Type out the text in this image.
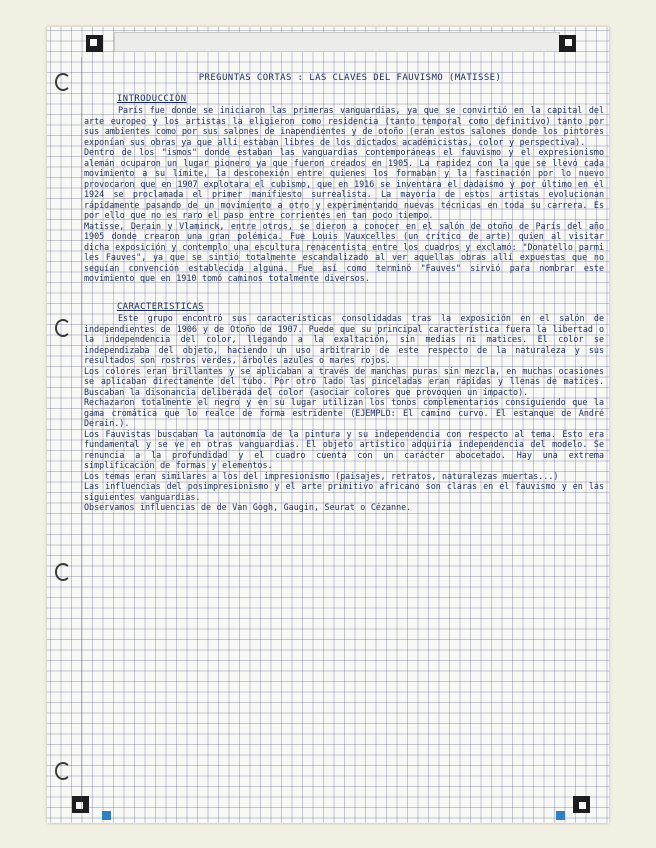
PREGUNTAS CORTAS : LAS CLAVES DEL FAUVISMO (MATISSE)
INTRODUCCIÓN

París fue donde se iniciaron las primeras vanguardias, ya que se convirtió en la capital del arte europeo y los artistas la eligieron como residencia (tanto temporal como definitivo) tanto por sus ambientes como por sus salones de inapendientes y de otoño (eran estos salones donde los pintores exponían sus obras ya que allí estaban libres de los dictados académicistas, color y perspectiva).

Dentro de los "ismos" donde estaban las vanguardias contemporáneas el fauvismo y el expresionismo alemán ocuparon un lugar pionero ya que fueron creados en 1905. La rapidez con la que se llevó cada movimiento a su límite, la desconexión entre quienes los formaban y la fascinación por lo nuevo provocaron que en 1907 explotara el cubismo, que en 1916 se inventara el dadaísmo y por último en el 1924 se proclamada el primer manifiesto surrealista. La mayoría de estos artistas evolucionan rápidamente pasando de un movimiento a otro y experimentando nuevas técnicas en toda su carrera. Es por ello que no es raro el paso entre corrientes en tan poco tiempo.

Matisse, Derain y Vlaminck, entre otros, se dieron a conocer en el salón de otoño de París del año 1905 donde crearon una gran polémica. Fue Louis Vauxcelles (un crítico de arte) quien al visitar dicha exposición y contemplo una escultura renacentista entre los cuadros y exclamó: "Donatello parmi les Fauves", ya que se sintió totalmente escandalizado al ver aquellas obras allí expuestas que no seguían convención establecida alguna. Fue así como terminó "Fauves" sirvió para nombrar este movimiento que en 1910 tomó caminos totalmente diversos.

CARACTERISTICAS

Este grupo encontró sus características consolidadas tras la exposición en el salón de independientes de 1906 y de Otoño de 1907. Puede que su principal característica fuera la libertad o la independencia del color, llegando a la exaltación, sin medias ni matices. El color se independizaba del objeto, haciendo un uso arbitrario de este respecto de la naturaleza y sus resultados son rostros verdes, árboles azules o mares rojos.

Los colores eran brillantes y se aplicaban a través de manchas puras sin mezcla, en muchas ocasiones se aplicaban directamente del tubo. Por otro lado las pinceladas eran rápidas y llenas de matices. Buscaban la disonancia deliberada del color (asociar colores que provoquen un impacto).

Rechazaron totalmente el negro y en su lugar utilizan los tonos complementarios consiguiendo que la gama cromática que lo realce de forma estridente (EJEMPLO: El camino curvo. El estanque de André Derain.).

Los Fauvistas buscaban la autonomía de la pintura y su independencia con respecto al tema. Esto era fundamental y se ve en otras vanguardias. El objeto artístico adquiría independencia del modelo. Se renuncia a la profundidad y el cuadro cuenta con un carácter abocetado. Hay una extrema simplificación de formas y elementos.

Los temas eran similares a los del impresionismo (paisajes, retratos, naturalezas muertas...)

Las influencias del posimpresionismo y el arte primitivo africano son claras en el fauvismo y en las siguientes vanguardias.

Observamos influencias de de Van Gogh, Gaugin, Seurat o Cézanne.
